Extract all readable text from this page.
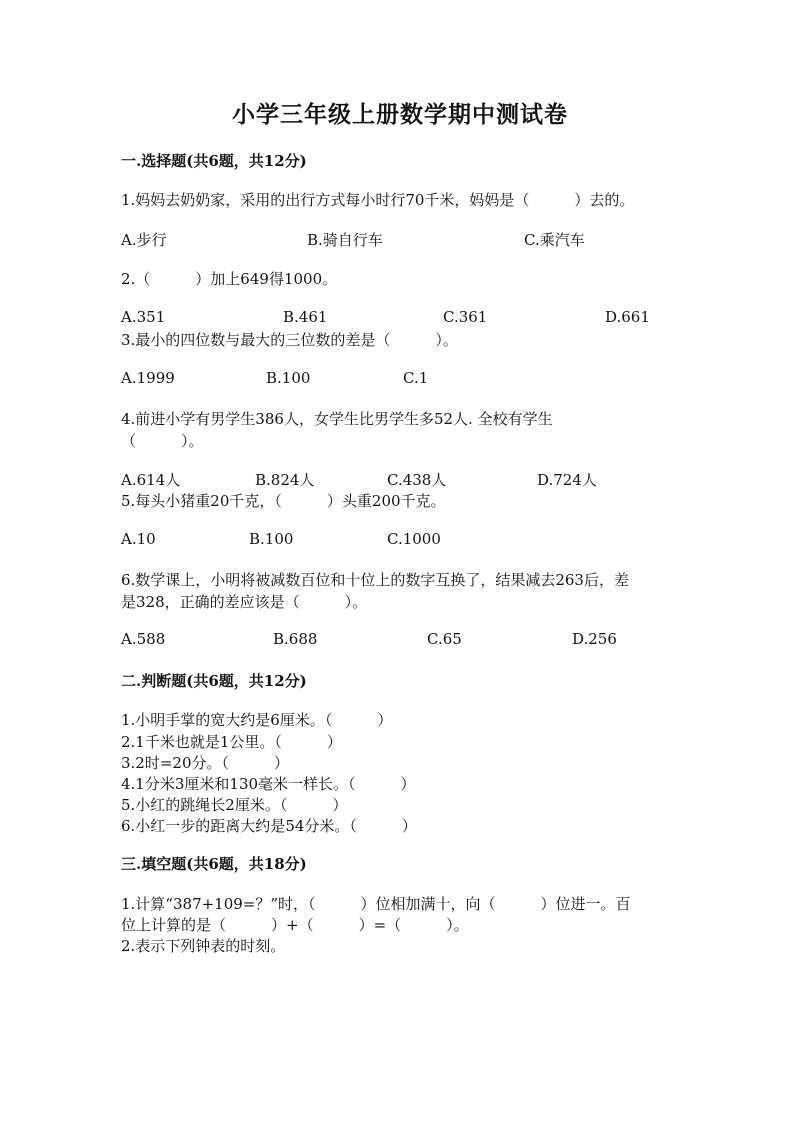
小学三年级上册数学期中测试卷
一.选择题(共6题，共12分)
1.妈妈去奶奶家，采用的出行方式每小时行70千米，妈妈是（　　　）去的。
A.步行	B.骑自行车	C.乘汽车
2.（　　　）加上649得1000。
A.351	B.461	C.361	D.661
3.最小的四位数与最大的三位数的差是（　　　）。
A.1999	B.100	C.1
4.前进小学有男学生386人，女学生比男学生多52人. 全校有学生
（　　　）。
A.614人	B.824人	C.438人	D.724人
5.每头小猪重20千克，（　　　）头重200千克。
A.10	B.100	C.1000
6.数学课上，小明将被减数百位和十位上的数字互换了，结果减去263后，差
是328，正确的差应该是（　　　）。
A.588	B.688	C.65	D.256
二.判断题(共6题，共12分)
1.小明手掌的宽大约是6厘米。（　　　）
2.1千米也就是1公里。（　　　）
3.2时=20分。（　　　）
4.1分米3厘米和130毫米一样长。（　　　）
5.小红的跳绳长2厘米。（　　　）
6.小红一步的距离大约是54分米。（　　　）
三.填空题(共6题，共18分)
1.计算“387+109=？”时，（　　　）位相加满十，向（　　　）位进一。百
位上计算的是（　　　）+（　　　）=（　　　）。
2.表示下列钟表的时刻。
